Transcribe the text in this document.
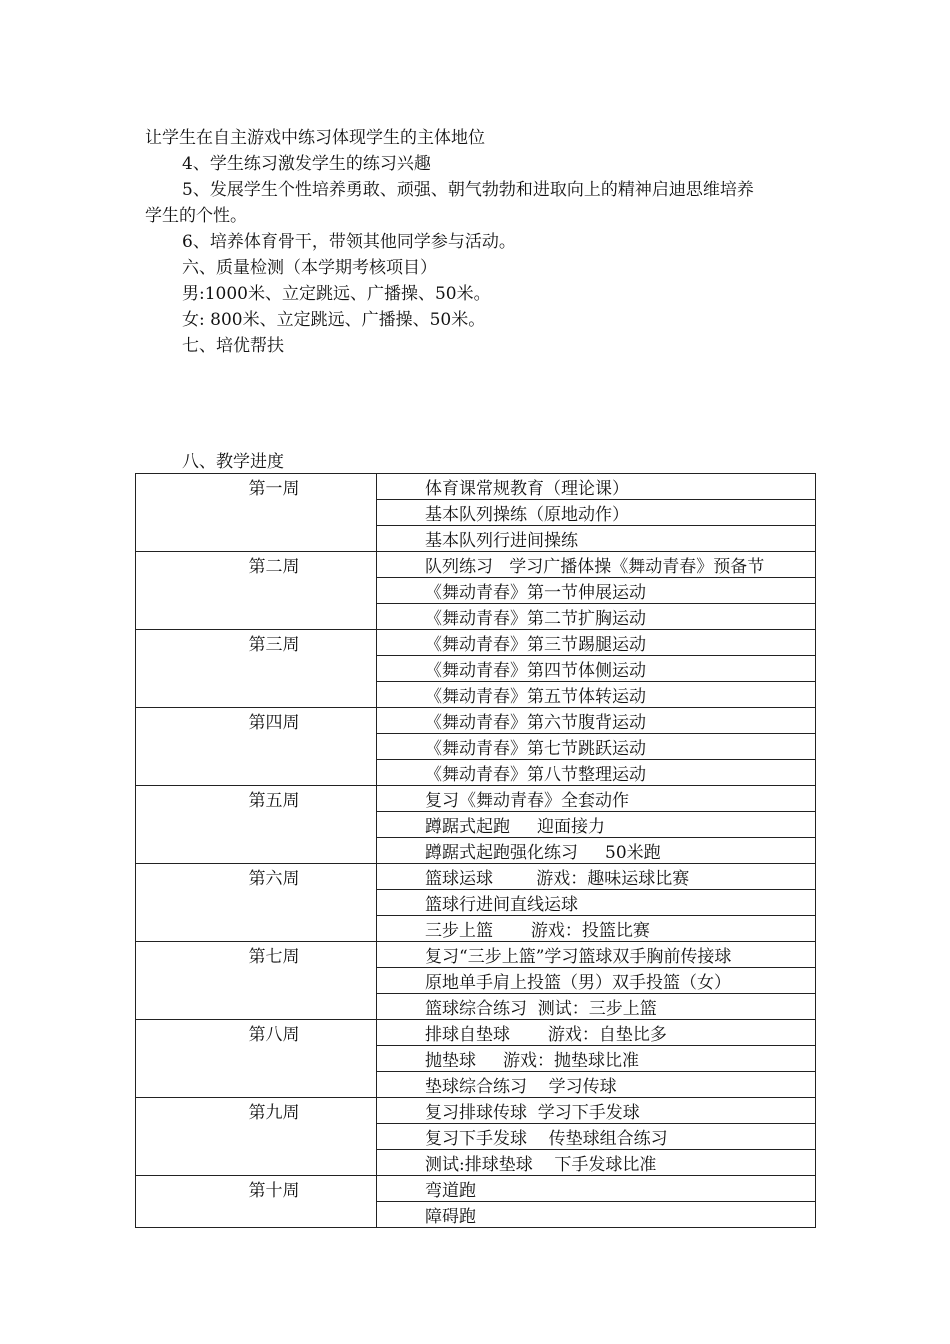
让学生在自主游戏中练习体现学生的主体地位
4、学生练习激发学生的练习兴趣
5、发展学生个性培养勇敢、顽强、朝气勃勃和进取向上的精神启迪思维培养
学生的个性。
6、培养体育骨干，带领其他同学参与活动。
六、质量检测（本学期考核项目）
男:1000米、立定跳远、广播操、50米。
女: 800米、立定跳远、广播操、50米。
七、培优帮扶
八、教学进度
第一周	体育课常规教育（理论课）
	基本队列操练（原地动作）
	基本队列行进间操练
第二周	队列练习   学习广播体操《舞动青春》预备节
	《舞动青春》第一节伸展运动
	《舞动青春》第二节扩胸运动
第三周	《舞动青春》第三节踢腿运动
	《舞动青春》第四节体侧运动
	《舞动青春》第五节体转运动
第四周	《舞动青春》第六节腹背运动
	《舞动青春》第七节跳跃运动
	《舞动青春》第八节整理运动
第五周	复习《舞动青春》全套动作
	蹲踞式起跑     迎面接力
	蹲踞式起跑强化练习     50米跑
第六周	篮球运球        游戏：趣味运球比赛
	篮球行进间直线运球
	三步上篮       游戏：投篮比赛
第七周	复习“三步上篮”学习篮球双手胸前传接球
	原地单手肩上投篮（男）双手投篮（女）
	篮球综合练习  测试：三步上篮
第八周	排球自垫球       游戏：自垫比多
	抛垫球     游戏：抛垫球比准
	垫球综合练习    学习传球
第九周	复习排球传球  学习下手发球
	复习下手发球    传垫球组合练习
	测试:排球垫球    下手发球比准
第十周	弯道跑
	障碍跑
